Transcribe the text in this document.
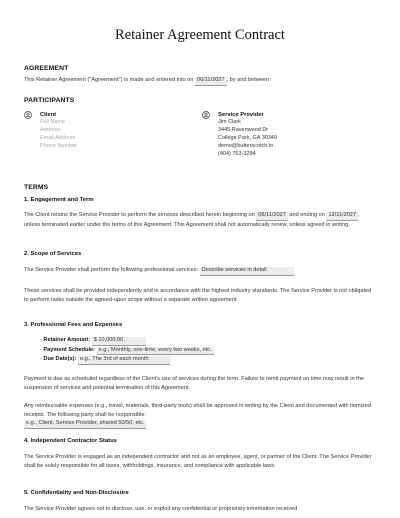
Retainer Agreement Contract

AGREEMENT

This Retainer Agreement ("Agreement") is made and entered into on 06/11/2027 , by and between:

PARTICIPANTS

Client
Full Name
Address
Email Address
Phone Number
Service Provider
Jim Clark
3445 Ravenwood Dr
College Park, GA 30349
demo@butterscotch.io
(404) 763-3294

TERMS

1. Engagement and Term

The Client retains the Service Provider to perform the services described herein beginning on 06/11/2027 and ending on 12/11/2027 , unless terminated earlier under the terms of this Agreement. This Agreement shall not automatically renew, unless agreed in writing.

2. Scope of Services

The Service Provider shall perform the following professional services: Describe services in detail

These services shall be provided independently and in accordance with the highest industry standards. The Service Provider is not obligated to perform tasks outside the agreed-upon scope without a separate written agreement.

3. Professional Fees and Expenses

- Retainer Amount: $ 10,000.00
- Payment Schedule: e.g., Monthly, one-time, every two weeks, etc.
- Due Date(s): e.g., The 3rd of each month

Payment is due as scheduled regardless of the Client's use of services during the term. Failure to remit payment on time may result in the suspension of services and potential termination of this Agreement.

Any reimbursable expenses (e.g., travel, materials, third-party tools) shall be approved in writing by the Client and documented with itemized receipts. The following party shall be responsible:
e.g., Client, Service Provider, shared 50/50, etc.

4. Independent Contractor Status

The Service Provider is engaged as an independent contractor and not as an employee, agent, or partner of the Client. The Service Provider shall be solely responsible for all taxes, withholdings, insurance, and compliance with applicable laws.

5. Confidentiality and Non-Disclosure

The Service Provider agrees not to disclose, use, or exploit any confidential or proprietary information received
